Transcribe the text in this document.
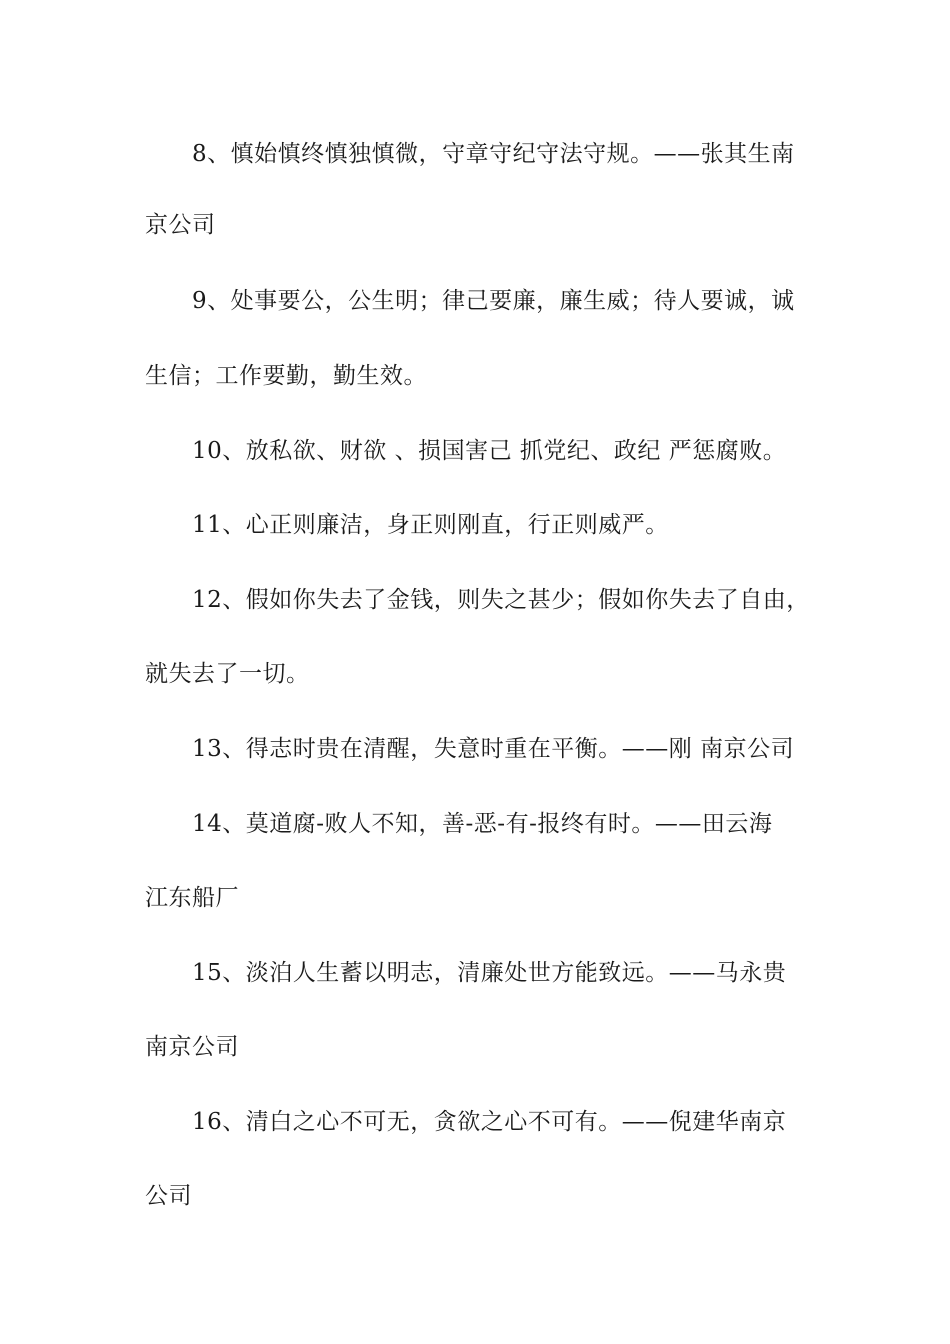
8、慎始慎终慎独慎微，守章守纪守法守规。——张其生南

京公司

9、处事要公，公生明；律己要廉，廉生威；待人要诚，诚

生信；工作要勤，勤生效。

10、放私欲、财欲 、损国害己 抓党纪、政纪 严惩腐败。

11、心正则廉洁，身正则刚直，行正则威严。

12、假如你失去了金钱，则失之甚少；假如你失去了自由，

就失去了一切。

13、得志时贵在清醒，失意时重在平衡。——刚 南京公司

14、莫道腐-败人不知，善-恶-有-报终有时。——田云海

江东船厂

15、淡泊人生蓄以明志，清廉处世方能致远。——马永贵

南京公司

16、清白之心不可无，贪欲之心不可有。——倪建华南京

公司
